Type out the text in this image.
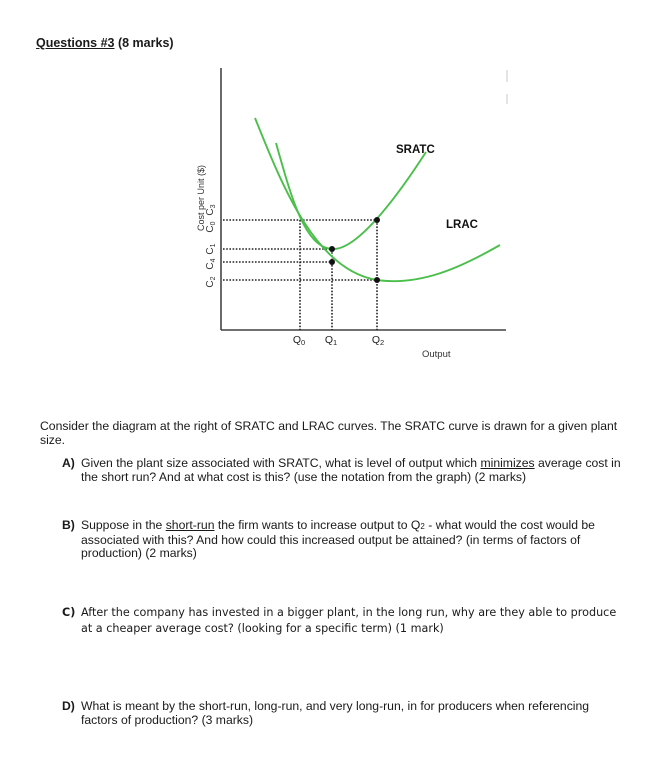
Questions #3 (8 marks)
SRATC
LRAC
Cost per Unit ($)
Output
$C_3$
$C_0$
$C_1$
$C_4$
$C_2$
Q0 Q1	Q2
Consider the diagram at the right of SRATC and LRAC curves. The SRATC curve is drawn for a given plant size.
A) Given the plant size associated with SRATC, what is level of output which minimizes average cost in the short run? And at what cost is this? (use the notation from the graph) (2 marks)
B) Suppose in the short-run the firm wants to increase output to Q2 - what would the cost would be associated with this? And how could this increased output be attained? (in terms of factors of production) (2 marks)
C) After the company has invested in a bigger plant, in the long run, why are they able to produce at a cheaper average cost? (looking for a specific term) (1 mark)
D) What is meant by the short-run, long-run, and very long-run, in for producers when referencing factors of production? (3 marks)
